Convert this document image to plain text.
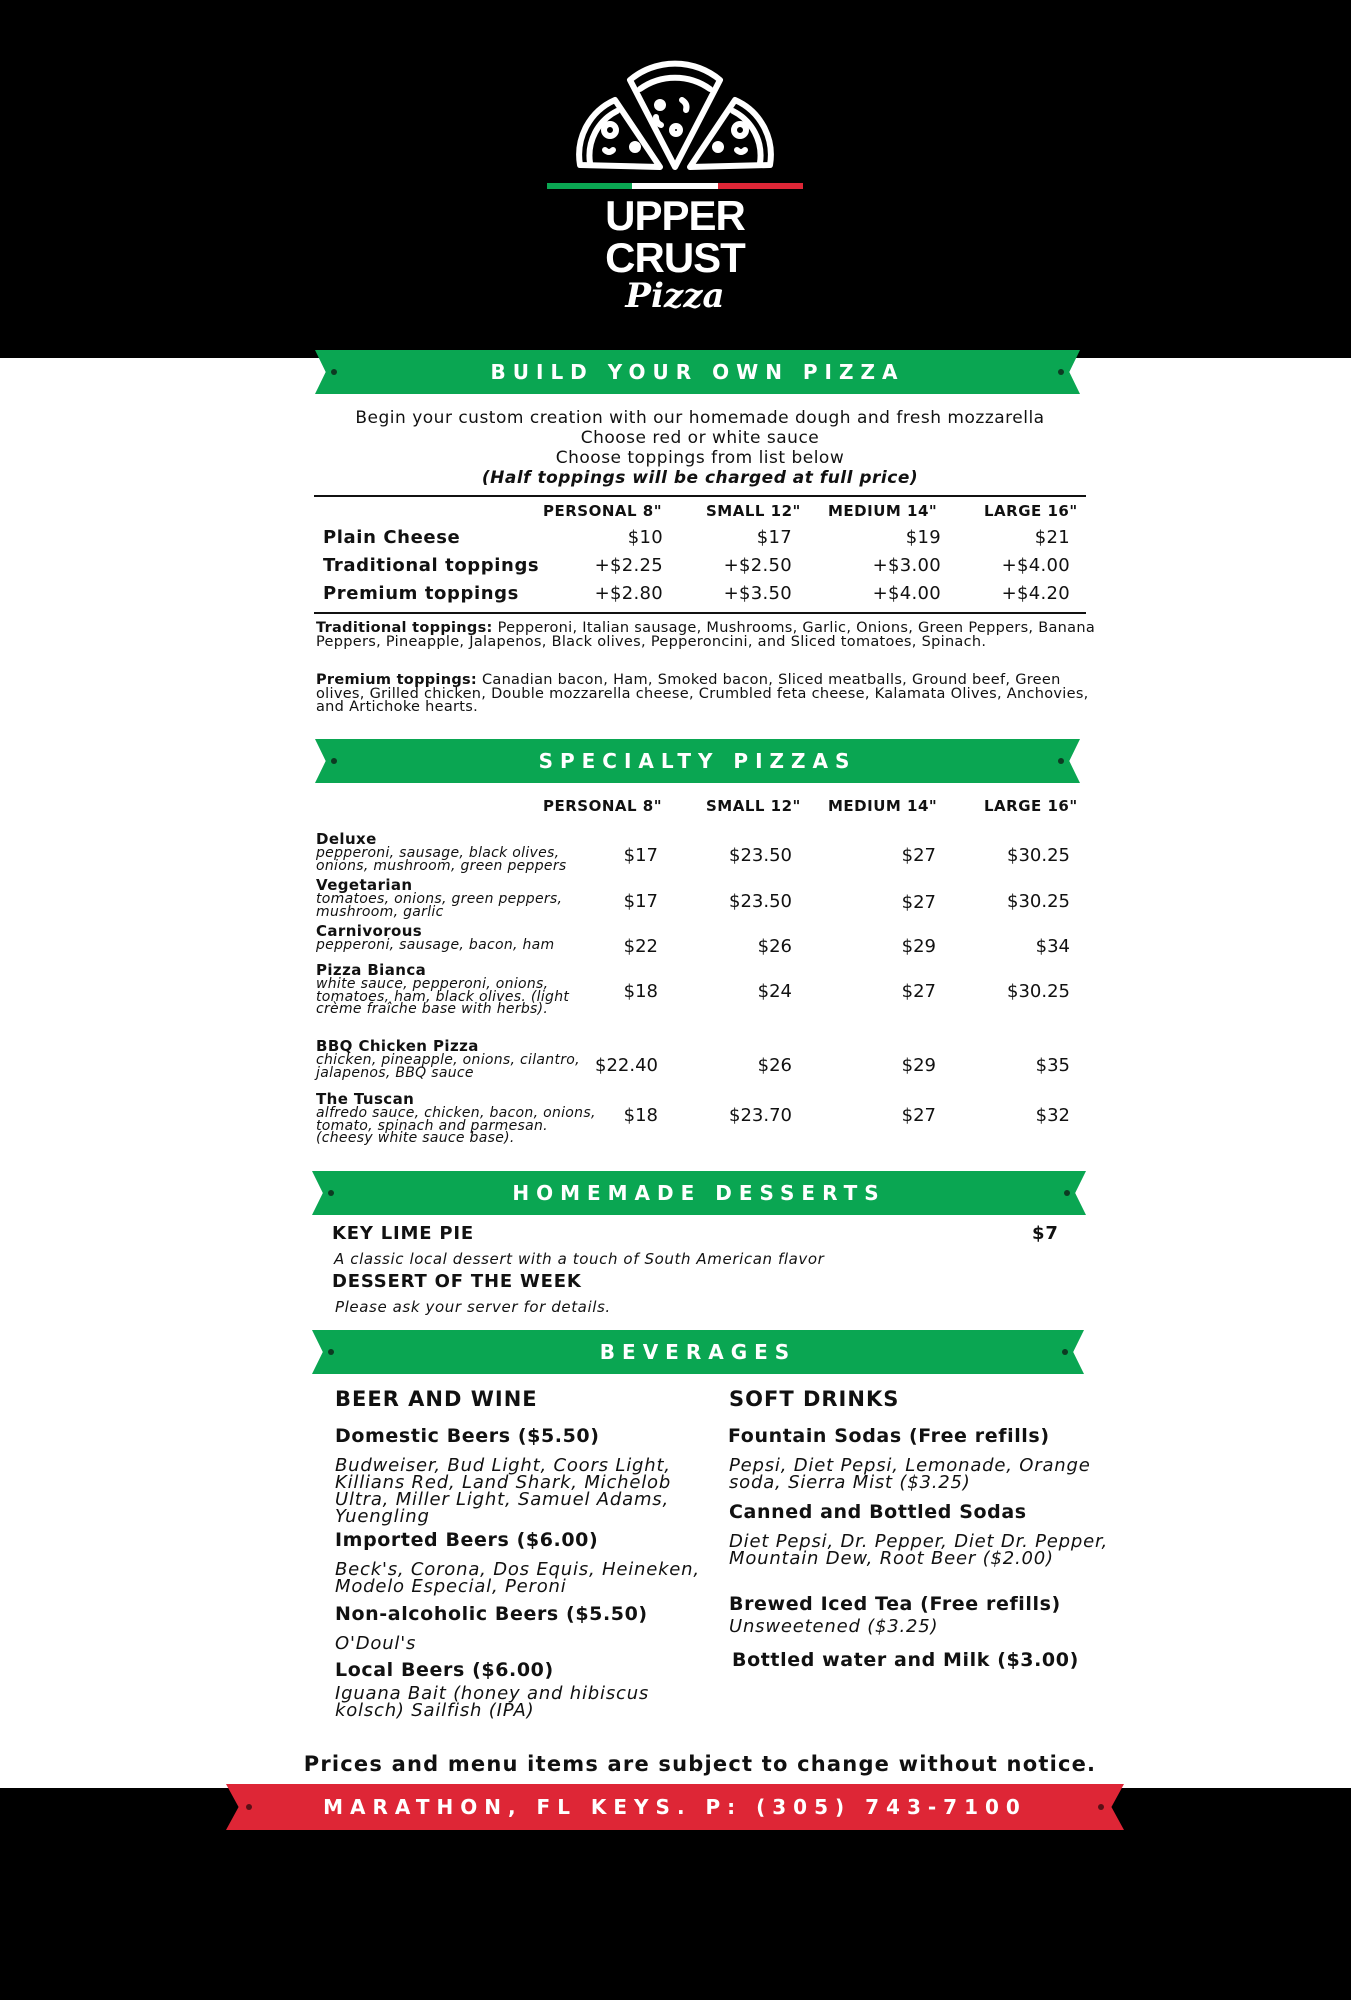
UPPER CRUST
Pizza
BUILD YOUR OWN PIZZA
Begin your custom creation with our homemade dough and fresh mozzarella
Choose red or white sauce
Choose toppings from list below
(Half toppings will be charged at full price)
PERSONAL 8"	SMALL 12" MEDIUM 14"	LARGE 16"
Plain Cheese	$10	$17	$19	$21
Traditional toppings	+$2.25	+$2.50	+$3.00	+$4.00
Premium toppings	+$2.80	+$3.50	+$4.00	+$4.20
Traditional toppings: Pepperoni, Italian sausage, Mushrooms, Garlic, Onions, Green Peppers, Banana Peppers, Pineapple, Jalapenos, Black olives, Pepperoncini, and Sliced tomatoes, Spinach.
Premium toppings: Canadian bacon, Ham, Smoked bacon, Sliced meatballs, Ground beef, Green olives, Grilled chicken, Double mozzarella cheese, Crumbled feta cheese, Kalamata Olives, Anchovies, and Artichoke hearts.
SPECIALTY PIZZAS
PERSONAL 8"	SMALL 12" MEDIUM 14"	LARGE 16"
Deluxe
pepperoni, sausage, black olives, onions, mushroom, green peppers	$17	$23.50	$27	$30.25
Vegetarian
tomatoes, onions, green peppers, mushroom, garlic	$17	$23.50	$27	$30.25
Carnivorous
pepperoni, sausage, bacon, ham	$22	$26	$29	$34
Pizza Bianca
white sauce, pepperoni, onions, tomatoes, ham, black olives. (light crème fraîche base with herbs).
$18	$24	$27	$30.25
BBQ Chicken Pizza
chicken, pineapple, onions, cilantro, jalapenos, BBQ sauce	$22.40	$26	$29	$35
The Tuscan
alfredo sauce, chicken, bacon, onions, tomato, spinach and parmesan. (cheesy white sauce base).
$18	$23.70	$27	$32
HOMEMADE DESSERTS
KEY LIME PIE	$7
A classic local dessert with a touch of South American flavor
DESSERT OF THE WEEK
Please ask your server for details.
BEVERAGES
BEER AND WINE
Domestic Beers ($5.50)
Budweiser, Bud Light, Coors Light, Killians Red, Land Shark, Michelob Ultra, Miller Light, Samuel Adams, Yuengling
Imported Beers ($6.00)
Beck's, Corona, Dos Equis, Heineken, Modelo Especial, Peroni
Non-alcoholic Beers ($5.50)
O'Doul's
Local Beers ($6.00)
Iguana Bait (honey and hibiscus kolsch) Sailfish (IPA)
SOFT DRINKS
Fountain Sodas (Free refills)
Pepsi, Diet Pepsi, Lemonade, Orange soda, Sierra Mist ($3.25)
Canned and Bottled Sodas
Diet Pepsi, Dr. Pepper, Diet Dr. Pepper, Mountain Dew, Root Beer ($2.00)
Brewed Iced Tea (Free refills)
Unsweetened ($3.25)
Bottled water and Milk ($3.00)
Prices and menu items are subject to change without notice.
MARATHON, FL KEYS. P: (305) 743-7100
